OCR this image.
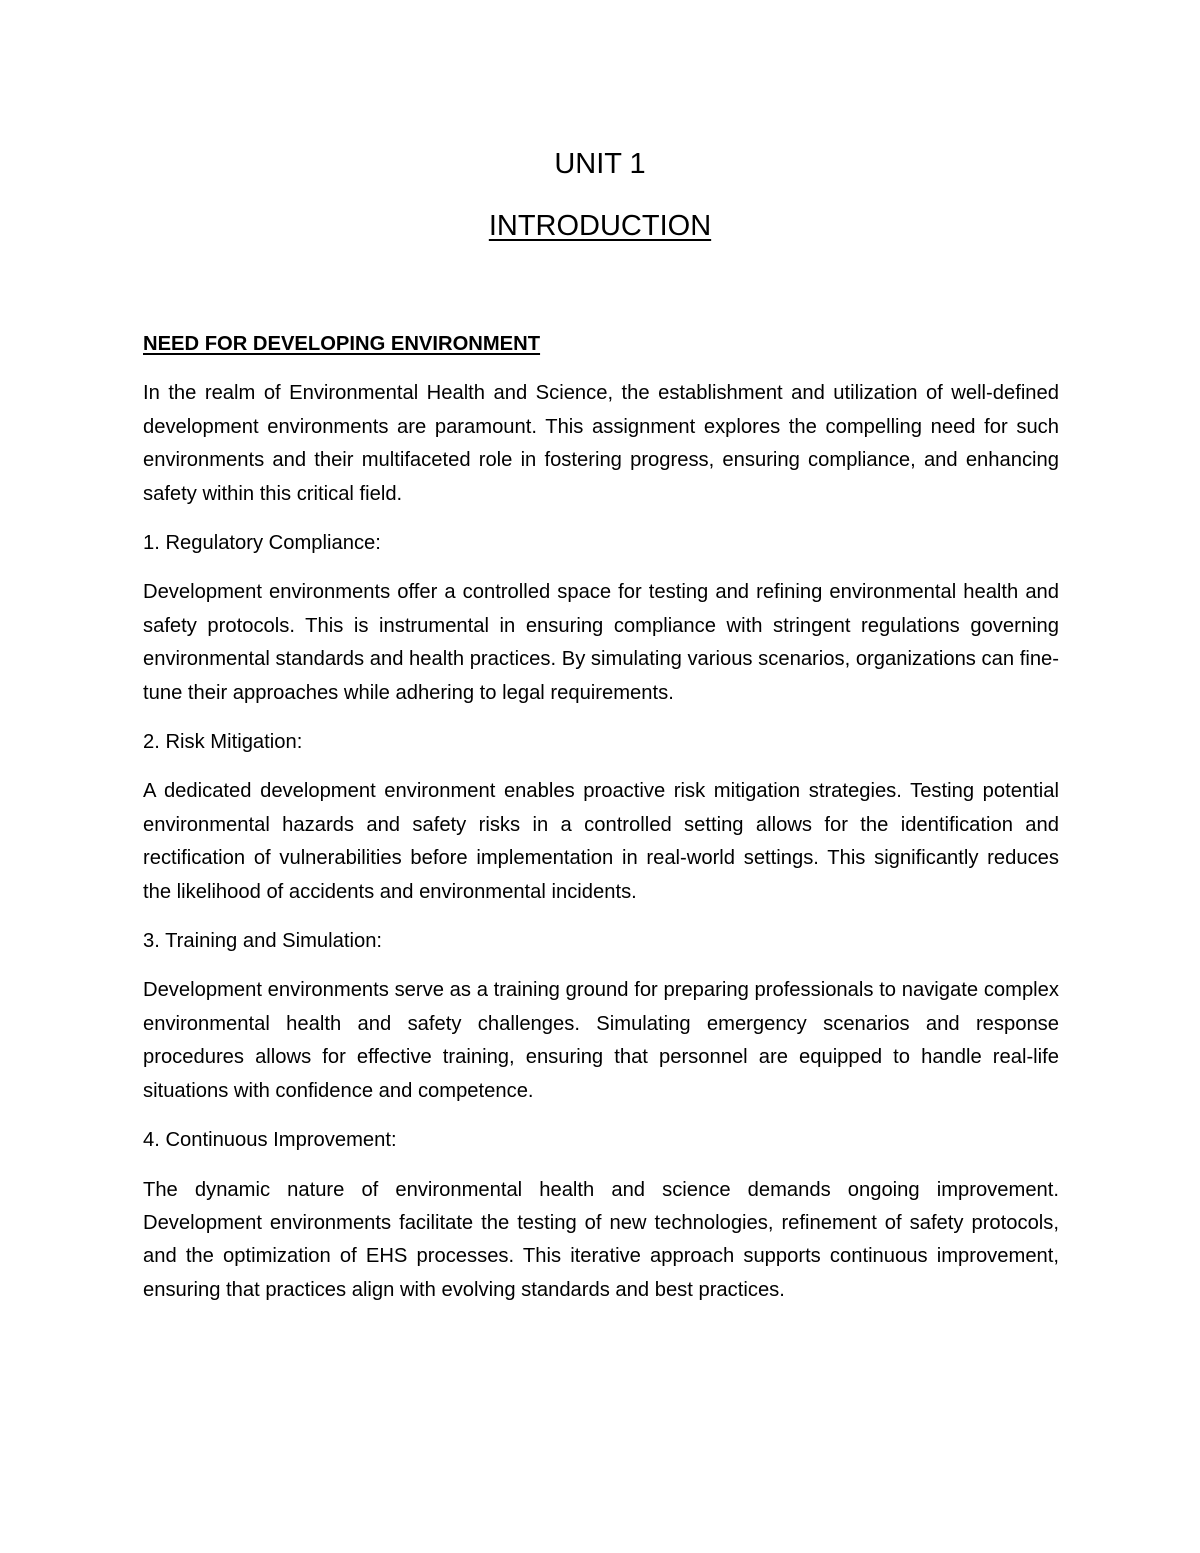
UNIT 1
INTRODUCTION
NEED FOR DEVELOPING ENVIRONMENT

In the realm of Environmental Health and Science, the establishment and utilization of well-defined development environments are paramount. This assignment explores the compelling need for such environments and their multifaceted role in fostering progress, ensuring compliance, and enhancing safety within this critical field.

1. Regulatory Compliance:

Development environments offer a controlled space for testing and refining environmental health and safety protocols. This is instrumental in ensuring compliance with stringent regulations governing environmental standards and health practices. By simulating various scenarios, organizations can fine-tune their approaches while adhering to legal requirements.

2. Risk Mitigation:

A dedicated development environment enables proactive risk mitigation strategies. Testing potential environmental hazards and safety risks in a controlled setting allows for the identification and rectification of vulnerabilities before implementation in real-world settings. This significantly reduces the likelihood of accidents and environmental incidents.

3. Training and Simulation:

Development environments serve as a training ground for preparing professionals to navigate complex environmental health and safety challenges. Simulating emergency scenarios and response procedures allows for effective training, ensuring that personnel are equipped to handle real-life situations with confidence and competence.

4. Continuous Improvement:

The dynamic nature of environmental health and science demands ongoing improvement. Development environments facilitate the testing of new technologies, refinement of safety protocols, and the optimization of EHS processes. This iterative approach supports continuous improvement, ensuring that practices align with evolving standards and best practices.
